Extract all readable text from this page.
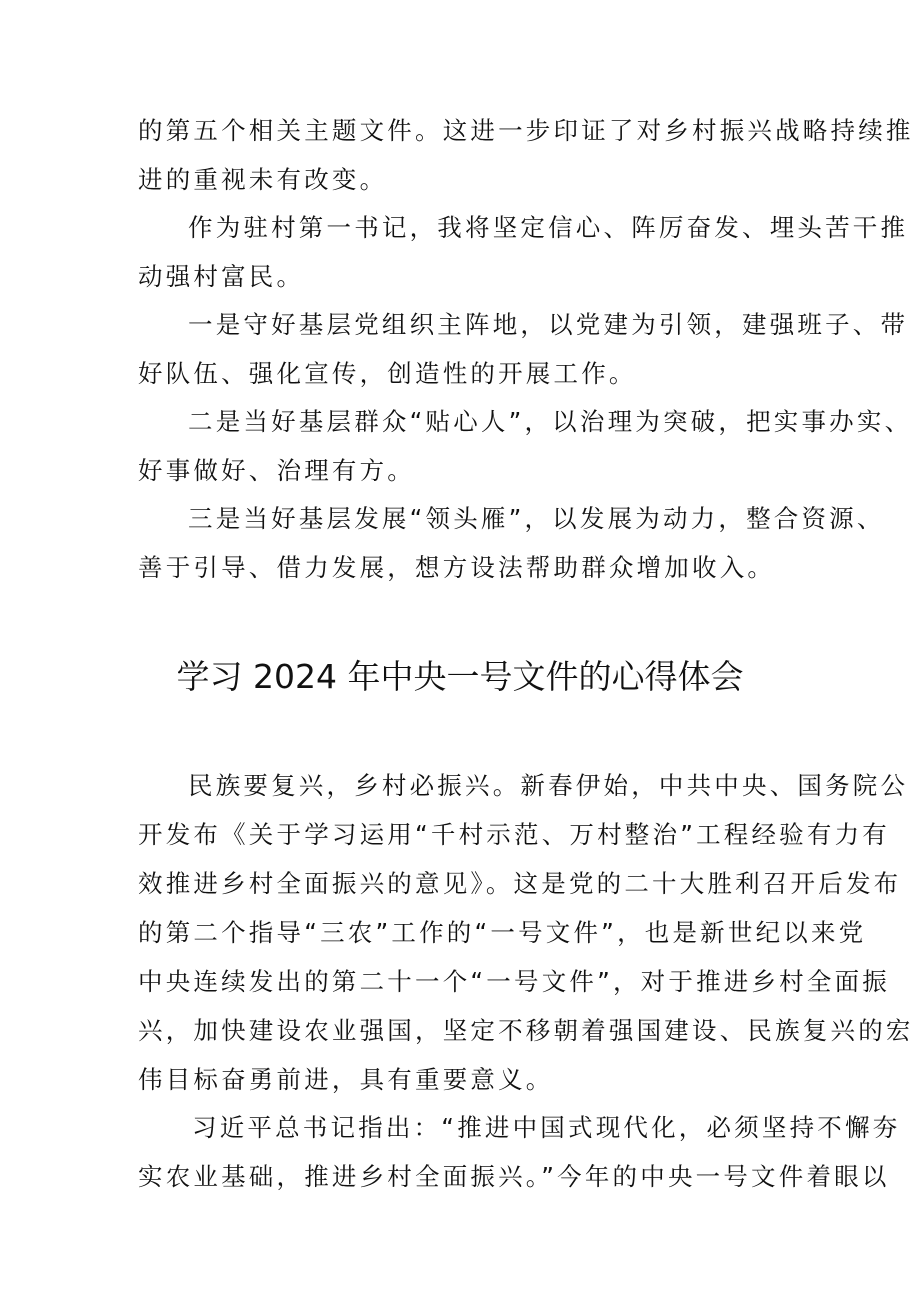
的第五个相关主题文件。这进一步印证了对乡村振兴战略持续推
进的重视未有改变。
作为驻村第一书记，我将坚定信心、阵厉奋发、埋头苦干推
动强村富民。
一是守好基层党组织主阵地，以党建为引领，建强班子、带
好队伍、强化宣传，创造性的开展工作。
二是当好基层群众“贴心人”，以治理为突破，把实事办实、
好事做好、治理有方。
三是当好基层发展“领头雁”，以发展为动力，整合资源、
善于引导、借力发展，想方设法帮助群众增加收入。
学习 2024 年中央一号文件的心得体会
民族要复兴，乡村必振兴。新春伊始，中共中央、国务院公
开发布《关于学习运用“千村示范、万村整治”工程经验有力有
效推进乡村全面振兴的意见》。这是党的二十大胜利召开后发布
的第二个指导“三农”工作的“一号文件”，也是新世纪以来党
中央连续发出的第二十一个“一号文件”，对于推进乡村全面振
兴，加快建设农业强国，坚定不移朝着强国建设、民族复兴的宏
伟目标奋勇前进，具有重要意义。
习近平总书记指出：“推进中国式现代化，必须坚持不懈夯
实农业基础，推进乡村全面振兴。”今年的中央一号文件着眼以
